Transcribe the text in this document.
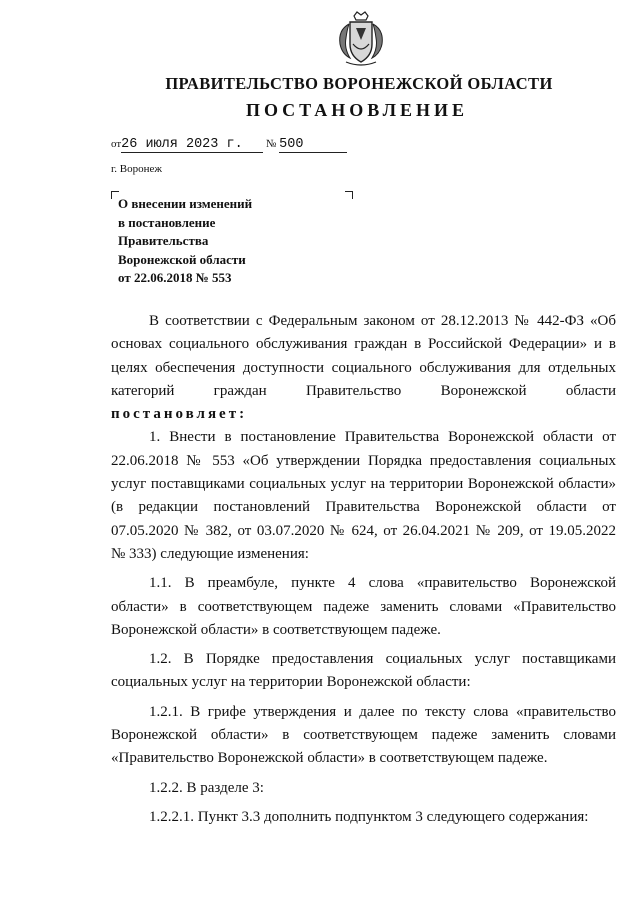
ПРАВИТЕЛЬСТВО ВОРОНЕЖСКОЙ ОБЛАСТИ
ПОСТАНОВЛЕНИЕ
от26 июля 2023 г. № 500
г. Воронеж
О внесении изменений
в постановление
Правительства
Воронежской области
от 22.06.2018 № 553
В соответствии с Федеральным законом от 28.12.2013 № 442-ФЗ «Об
основах социального обслуживания граждан в Российской Федерации» и в
целях обеспечения доступности социального обслуживания для отдельных
категорий граждан Правительство Воронежской области
постановляет:
1. Внести в постановление Правительства Воронежской области от
22.06.2018 № 553 «Об утверждении Порядка предоставления социальных
услуг поставщиками социальных услуг на территории Воронежской области»
(в редакции постановлений Правительства Воронежской области от
07.05.2020 № 382, от 03.07.2020 № 624, от 26.04.2021 № 209, от 19.05.2022
№ 333) следующие изменения:
1.1. В преамбуле, пункте 4 слова «правительство Воронежской
области» в соответствующем падеже заменить словами «Правительство
Воронежской области» в соответствующем падеже.
1.2. В Порядке предоставления социальных услуг поставщиками
социальных услуг на территории Воронежской области:
1.2.1. В грифе утверждения и далее по тексту слова «правительство
Воронежской области» в соответствующем падеже заменить словами
«Правительство Воронежской области» в соответствующем падеже.
1.2.2. В разделе 3:
1.2.2.1. Пункт 3.3 дополнить подпунктом 3 следующего содержания:
